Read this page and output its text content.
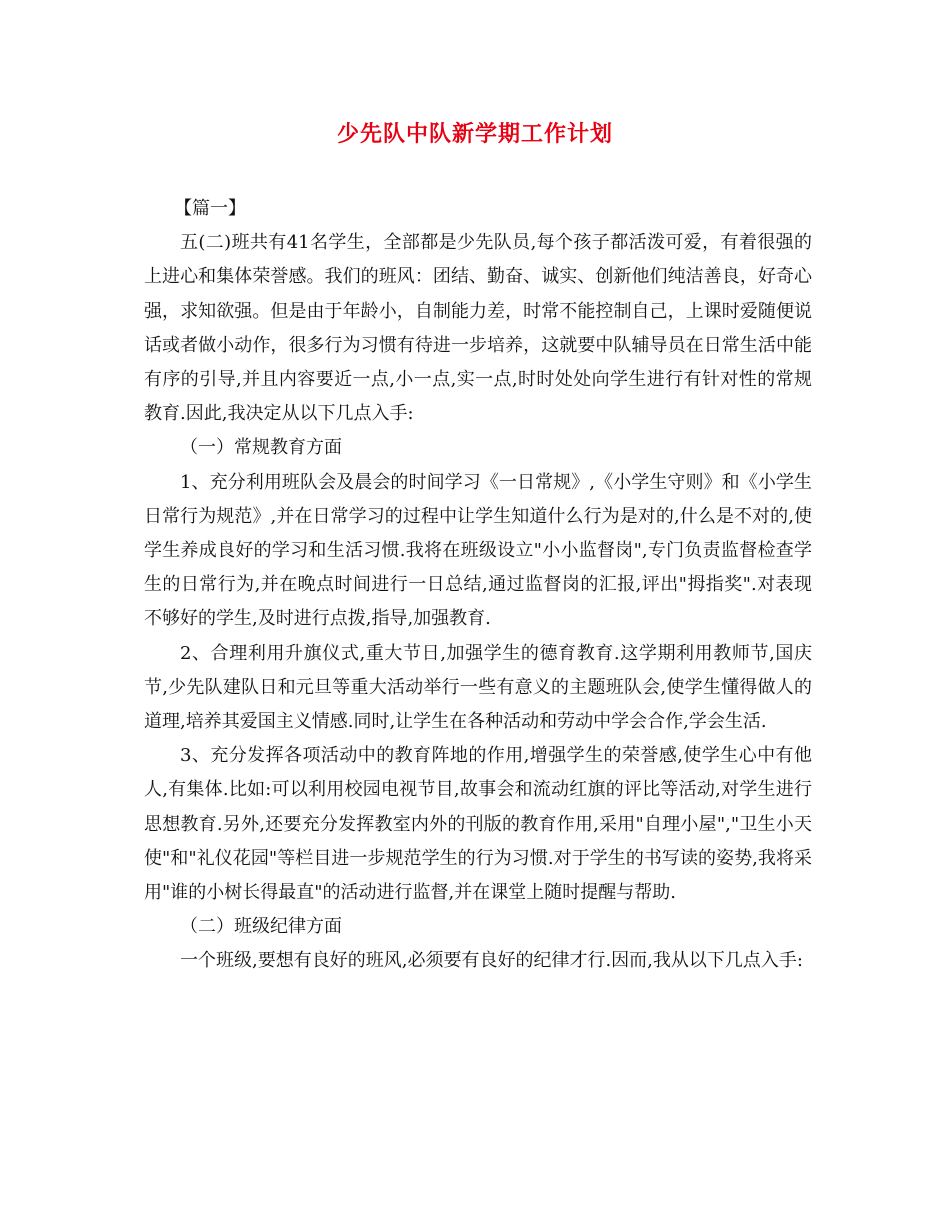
少先队中队新学期工作计划

【篇一】

五(二)班共有41名学生，全部都是少先队员,每个孩子都活泼可爱，有着很强的上进心和集体荣誉感。我们的班风：团结、勤奋、诚实、创新他们纯洁善良，好奇心强，求知欲强。但是由于年龄小，自制能力差，时常不能控制自己，上课时爱随便说话或者做小动作，很多行为习惯有待进一步培养，这就要中队辅导员在日常生活中能有序的引导,并且内容要近一点,小一点,实一点,时时处处向学生进行有针对性的常规教育.因此,我决定从以下几点入手:

（一）常规教育方面

1、充分利用班队会及晨会的时间学习《一日常规》,《小学生守则》和《小学生日常行为规范》,并在日常学习的过程中让学生知道什么行为是对的,什么是不对的,使学生养成良好的学习和生活习惯.我将在班级设立"小小监督岗",专门负责监督检查学生的日常行为,并在晚点时间进行一日总结,通过监督岗的汇报,评出"拇指奖".对表现不够好的学生,及时进行点拨,指导,加强教育.

2、合理利用升旗仪式,重大节日,加强学生的德育教育.这学期利用教师节,国庆节,少先队建队日和元旦等重大活动举行一些有意义的主题班队会,使学生懂得做人的道理,培养其爱国主义情感.同时,让学生在各种活动和劳动中学会合作,学会生活.

3、充分发挥各项活动中的教育阵地的作用,增强学生的荣誉感,使学生心中有他人,有集体.比如:可以利用校园电视节目,故事会和流动红旗的评比等活动,对学生进行思想教育.另外,还要充分发挥教室内外的刊版的教育作用,采用"自理小屋","卫生小天使"和"礼仪花园"等栏目进一步规范学生的行为习惯.对于学生的书写读的姿势,我将采用"谁的小树长得最直"的活动进行监督,并在课堂上随时提醒与帮助.

（二）班级纪律方面

一个班级,要想有良好的班风,必须要有良好的纪律才行.因而,我从以下几点入手:
